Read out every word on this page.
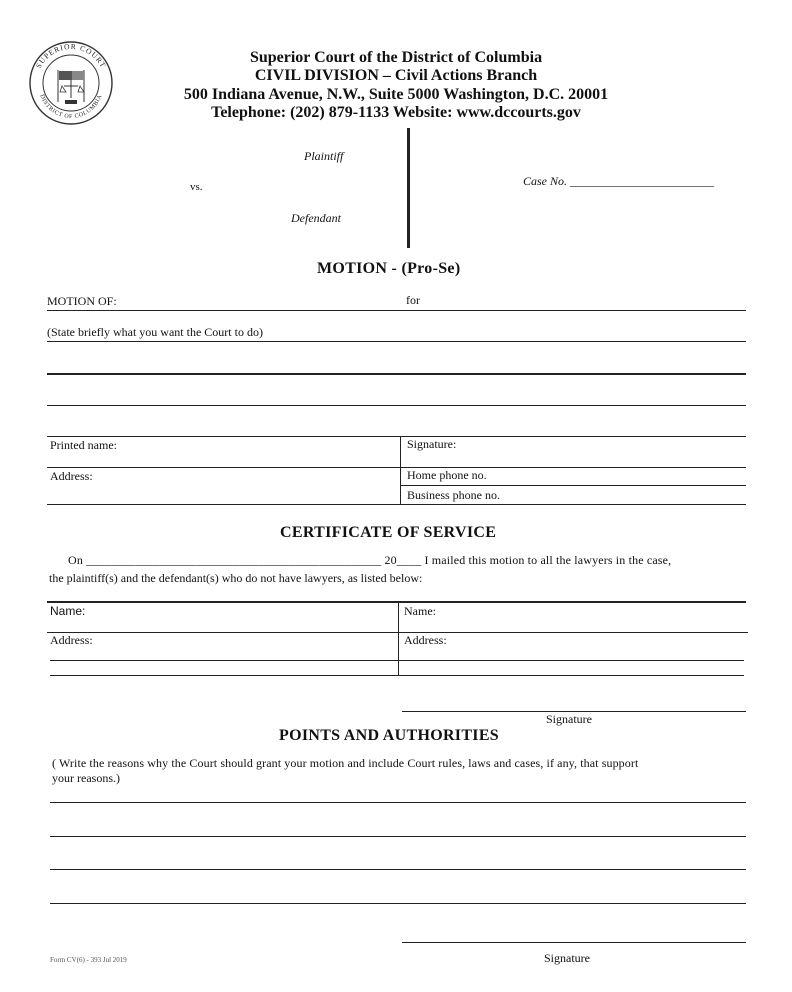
SUPERIOR COURT
DISTRICT OF COLUMBIA
Superior Court of the District of Columbia
CIVIL DIVISION – Civil Actions Branch
500 Indiana Avenue, N.W., Suite 5000 Washington, D.C. 20001
Telephone: (202) 879-1133 Website: www.dccourts.gov
Plaintiff
vs.
Defendant
Case No. ________________________
MOTION - (Pro-Se)
MOTION OF:	for
(State briefly what you want the Court to do)
Printed name:	Signature:
Address:	Home phone no.
Business phone no.
CERTIFICATE OF SERVICE
On ________________________________________________ 20____ I mailed this motion to all the lawyers in the case,
the plaintiff(s) and the defendant(s) who do not have lawyers, as listed below:
Name:	Name:
Address:	Address:
Signature
POINTS AND AUTHORITIES
( Write the reasons why the Court should grant your motion and include Court rules, laws and cases, if any, that support
your reasons.)
Signature
Form CV(6) - 393 Jul 2019
